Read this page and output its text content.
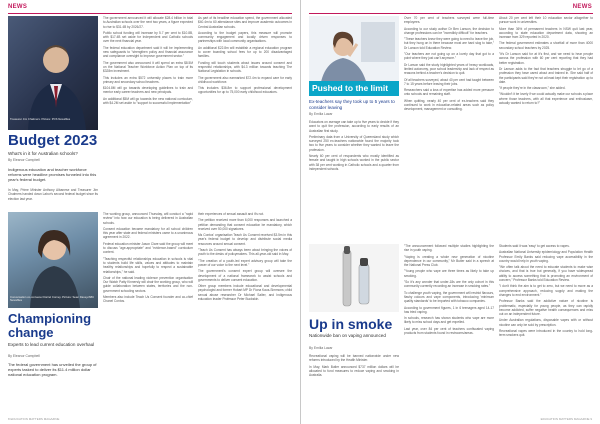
NEWS
Treasurer Jim Chalmers. Picture: PCS Newsfiles
Budget 2023
What's in it for Australian schools?
By Eleanor Campbell
Indigenous education and teacher workforce reforms were headline promises funneled into this year's federal budget.

In May, Prime Minister Anthony Albanese and Treasurer Jim Chalmers handed down Labor's second federal budget since its election last year.

The government announced it will allocate $28.4 billion in total to Australian schools over the next two years, a figure expected to rise to $31.4B by 2026/27.

Public school funding will increase by 5.7 per cent to $10.8B, with $17.4B set aside for Independent and Catholic schools over the next financial year.

The federal education department said it will be implementing new safeguards to "strengthen policy and financial assurance and compliance oversight to improve government sector."

The government also announced it will spend an extra $8.5M on the National Teacher Workforce Action Plan on top of its $328m investment.

This includes an extra $572 university places to train more primary and secondary school teachers.

$104.8M will go towards developing guidelines to train and mentor early career teachers and new principals.

An additional $5M will go towards the new national curriculum, with $4.2M set aside to "support to successful implementation"

As part of its headline education spend, the government allocated $40.4m to 60 attendance sites and improve academic outcomes in Central Australian schools.

According to the budget papers, this measure will promote community engagement and locally driven responses to partnerships with local community organisations.

An additional $22.8m will establish a regional education program to cover boarding school fees for up to 200 disadvantaged families.

Funding will touch students about issues around consent and respectful relationships, with $4.3 million towards teaching The National Legislation in schools.

The government also earmarked $72.4m to expand care for early childhood workforce.

This includes $36.8m to support professional development opportunities for up to 75,000 early childhood educators.

Conversation co-convener Darrel Corney. Picture: Sean Davey/ABC Newsfiles
Championing change
Experts to lead current education overhaul
By Eleanor Campbell
The federal government has unveiled the group of experts tasked to deliver its $11.4 million dollar national education program.

The working group, announced Thursday, will conduct a "rapid review" into how our education is being delivered in Australian schools.

Consent education became mandatory for all school children this year after state and federal ministers came to a unanimous agreement in 2022.

Federal education minister Jason Clare said the group will meet to discuss "age-appropriate" and "evidence-based" curriculum content.

"Teaching respectful relationships education in schools is vital to students build life skills, values and attitudes to maintain healthy relationships and hopefully to respect a sustainable relationships," he said.

Chair of the national leading violence prevention organisation Our Watch Patty Kinnersly will chair the working group, who will guide collaboration between states, territories and the non-government schooling sectors.

Members also include Teach Us Consent founder and co-chief Chanel Contos.

their experiences of sexual assault and it's not.

The petition received more than 6,000 responses and launched a petition demanding that consent education be mandatory, which received over 50,000 signatures.

Ms Contos' organisation Teach Us Consent received $3.5m in this year's federal budget to develop and distribute social media resources around sexual consent.

"Teach Us Consent has always been about bringing the voices of youth to the desks of policymakers. This all-year-old said in May.

"The creation of a youth-led expert advisory group will take the power of our voice to the next level."

The government's consent expert group will oversee the development of a national framework to assist schools and governments to deliver consent education.

Other group members include educational and developmental psychologist and former Hobart MP Dr Fiona Kaus-Simmons; child sexual abuse researcher Dr Michael Salter, and Indigenous education leader Professor Peter Buckskin.

8 EDUCATION MATTERS MAGAZINE
NEWS
Pushed to the limit
Ex-teachers say they took up to 5 years to consider leaving
By Emilia Lazar

Educators on average can take up to five years to decide if they want to quit the profession, according to early results of an Australian first study.

Preliminary data from a University of Queensland study which surveyed 250 ex-teachers nationwide found the majority took two to five years to consider whether they wanted to leave the profession.

Nearly 60 per cent of respondents who mostly identified as female and taught in high schools worked in the public sector with 38 per cent working in Catholic schools and a quarter from independent schools.

Over 70 per cent of teachers surveyed were full-time employees.

According to our study author Dr Ben Lanson, the decision to change professions can be "incredibly difficult" for teachers.

"These teachers knew they were going to need to leave the job, but they hung on in there because most are hard slog to take," Dr Lanson told Education Review.

"Our teachers are not going up on a lovely day that got to a point where they just can't anymore."

Dr Larson said the study highlighted years of heavy workloads, limited autonomy, poor school leadership and lack of respect as reasons behind a teacher's decision to quit.

Of all teachers surveyed, about 40 per cent had taught between 7 to 15 years before leaving their jobs.

Researchers said a loss of expertise has added more pressure onto schools and remaining staff.

When quitting, nearly 40 per cent of ex-teachers said they continued to work in education-related areas such as policy development, management or consulting.

About 20 per cent left their 10 education sector altogether to pursue work in universities.

More than 36% of permanent teachers in NSW quit last year, according to state education department data, showing an increase from 329 reported in 2020.

The federal government estimates a shortfall of more than 4000 secondary school teachers by 2025.

"It's Dr Lanson said for at it's first, and we need to hear people across the profession with 60 per cent reporting that they had better registration.

Dr Lanson adds to the fact that teachers struggle to let go of a profession they have cared about and trained in. She said half of the participants said they're not at least kept their registration up to date.

"If people they're in the classroom," she added.

"Wouldn't it be lovely if we could actually make our schools a place where those teachers, with all that experience and enthusiasm, actually wanted to return to?"

Up in smoke
Nationwide ban on vaping announced
By Emilia Lazar

Recreational vaping will be banned nationwide under new reforms introduced by the Health Minister.

In May, Mark Butler announced $737 million dollars will be allocated to fund measures to reduce vaping and smoking in Australia.

"The announcement followed multiple studies highlighting the rise in youth vaping.

"Vaping is creating a whole new generation of nicotine dependence in our community," Mr Butler said in a speech at the National Press Club.

"Young people who vape are three times as likely to take up smoking.

"So it's any wonder that under-18s are the only cohort in this community currently recording an increase in smoking rates."

To challenge youth vaping, the government will restrict flavours, flashy colours and vape components, introducing 'minimum quality standards' to be imported with tobacco companies.

According to government figures, 1 in 6 teenagers aged 14-17 has tried vaping.

In schools, research has shown students who vape are more likely to miss school days and get expelled.

Last year, over 84 per cent of teachers confiscated vaping products from students found in restrooms/areas.

Students said it was 'easy' to get access to vapes.

Australian National University epidemiology and Population Health Professor Emily Banks said reducing vape accessibility in the country would help in youth vaping.

"We often talk about the need to educate students to make wise choices, and that is true but generally, if you have widespread ability to access something that is promoting an environment of concern," Professor Banks told Education Review.

"I don't think the aim is to get to zero, but we need to move as a comprehensive approach, reducing supply and making the changes to end environment."

Professor Banks said the addictive nature of nicotine is problematic, especially for young people, as they can rapidly become addicted, suffer negative health consequences and miss out on an independent future.

Under Australian regulations, disposable vapes with or without nicotine can only be sold by prescription.

Recreational vapes were introduced in the country to hold long-term smokers quit.

EDUCATION MATTERS MAGAZINE 9
